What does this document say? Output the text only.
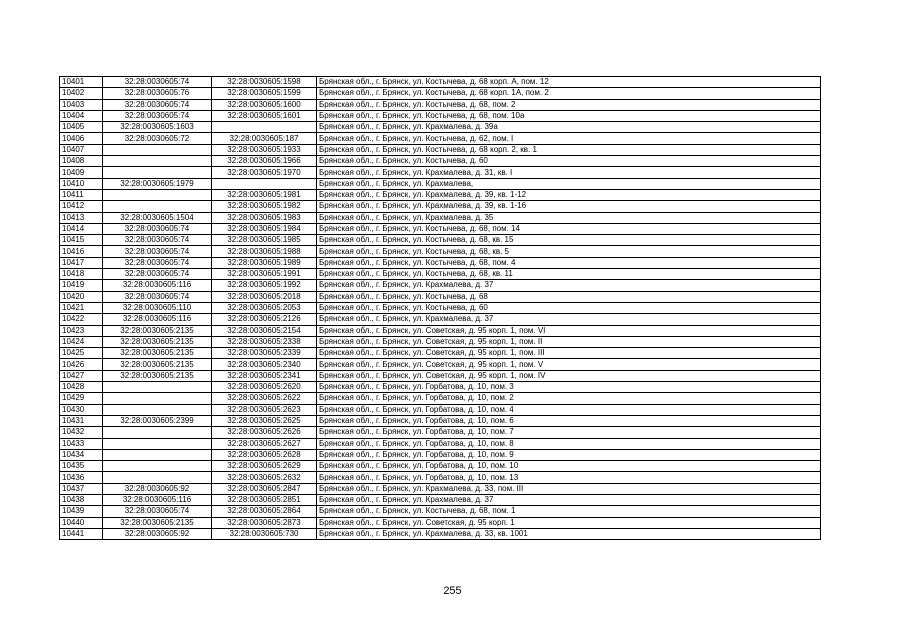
10401	32:28:0030605:74	32:28:0030605:1598	Брянская обл., г. Брянск, ул. Костычева, д. 68 корп. А, пом. 12
10402	32:28:0030605:76	32:28:0030605:1599	Брянская обл., г. Брянск, ул. Костычева, д. 68 корп. 1А, пом. 2
10403	32:28:0030605:74	32:28:0030605:1600	Брянская обл., г. Брянск, ул. Костычева, д. 68, пом. 2
10404	32:28:0030605:74	32:28:0030605:1601	Брянская обл., г. Брянск, ул. Костычева, д. 68, пом. 10а
10405	32:28:0030605:1603		Брянская обл., г. Брянск, ул. Крахмалева, д. 39а
10406	32:28:0030605:72	32:28:0030605:187	Брянская обл., г. Брянск, ул. Костычева, д. 62, пом. I
10407		32:28:0030605:1933	Брянская обл., г. Брянск, ул. Костычева, д. 68 корп. 2, кв. 1
10408		32:28:0030605:1966	Брянская обл., г. Брянск, ул. Костычева, д. 60
10409		32:28:0030605:1970	Брянская обл., г. Брянск, ул. Крахмалева, д. 31, кв. I
10410	32:28:0030605:1979		Брянская обл., г. Брянск, ул. Крахмалева,
10411		32:28:0030605:1981	Брянская обл., г. Брянск, ул. Крахмалева, д. 39, кв. 1-12
10412		32:28:0030605:1982	Брянская обл., г. Брянск, ул. Крахмалева, д. 39, кв. 1-16
10413	32:28:0030605:1504	32:28:0030605:1983	Брянская обл., г. Брянск, ул. Крахмалева, д. 35
10414	32:28:0030605:74	32:28:0030605:1984	Брянская обл., г. Брянск, ул. Костычева, д. 68, пом. 14
10415	32:28:0030605:74	32:28:0030605:1985	Брянская обл., г. Брянск, ул. Костычева, д. 68, кв. 15
10416	32:28:0030605:74	32:28:0030605:1988	Брянская обл., г. Брянск, ул. Костычева, д. 68, кв. 5
10417	32:28:0030605:74	32:28:0030605:1989	Брянская обл., г. Брянск, ул. Костычева, д. 68, пом. 4
10418	32:28:0030605:74	32:28:0030605:1991	Брянская обл., г. Брянск, ул. Костычева, д. 68, кв. 11
10419	32:28:0030605:116	32:28:0030605:1992	Брянская обл., г. Брянск, ул. Крахмалева, д. 37
10420	32:28:0030605:74	32:28:0030605:2018	Брянская обл., г. Брянск, ул. Костычева, д. 68
10421	32:28:0030605:110	32:28:0030605:2053	Брянская обл., г. Брянск, ул. Костычева, д. 60
10422	32:28:0030605:116	32:28:0030605:2126	Брянская обл., г. Брянск, ул. Крахмалева, д. 37
10423	32:28:0030605:2135	32:28:0030605:2154	Брянская обл., г. Брянск, ул. Советская, д. 95 корп. 1, пом. VI
10424	32:28:0030605:2135	32:28:0030605:2338	Брянская обл., г. Брянск, ул. Советская, д. 95 корп. 1, пом. II
10425	32:28:0030605:2135	32:28:0030605:2339	Брянская обл., г. Брянск, ул. Советская, д. 95 корп. 1, пом. III
10426	32:28:0030605:2135	32:28:0030605:2340	Брянская обл., г. Брянск, ул. Советская, д. 95 корп. 1, пом. V
10427	32:28:0030605:2135	32:28:0030605:2341	Брянская обл., г. Брянск, ул. Советская, д. 95 корп. 1, пом. IV
10428		32:28:0030605:2620	Брянская обл., г. Брянск, ул. Горбатова, д. 10, пом. 3
10429		32:28:0030605:2622	Брянская обл., г. Брянск, ул. Горбатова, д. 10, пом. 2
10430		32:28:0030605:2623	Брянская обл., г. Брянск, ул. Горбатова, д. 10, пом. 4
10431	32:28:0030605:2399	32:28:0030605:2625	Брянская обл., г. Брянск, ул. Горбатова, д. 10, пом. 6
10432		32:28:0030605:2626	Брянская обл., г. Брянск, ул. Горбатова, д. 10, пом. 7
10433		32:28:0030605:2627	Брянская обл., г. Брянск, ул. Горбатова, д. 10, пом. 8
10434		32:28:0030605:2628	Брянская обл., г. Брянск, ул. Горбатова, д. 10, пом. 9
10435		32:28:0030605:2629	Брянская обл., г. Брянск, ул. Горбатова, д. 10, пом. 10
10436		32:28:0030605:2632	Брянская обл., г. Брянск, ул. Горбатова, д. 10, пом. 13
10437	32:28:0030605:92	32:28:0030605:2847	Брянская обл., г. Брянск, ул. Крахмалева, д. 33, пом. III
10438	32:28:0030605:116	32:28:0030605:2851	Брянская обл., г. Брянск, ул. Крахмалева, д. 37
10439	32:28:0030605:74	32:28:0030605:2864	Брянская обл., г. Брянск, ул. Костычева, д. 68, пом. 1
10440	32:28:0030605:2135	32:28:0030605:2873	Брянская обл., г. Брянск, ул. Советская, д. 95 корп. 1
10441	32:28:0030605:92	32:28:0030605:730	Брянская обл., г. Брянск, ул. Крахмалева, д. 33, кв. 1001
255
